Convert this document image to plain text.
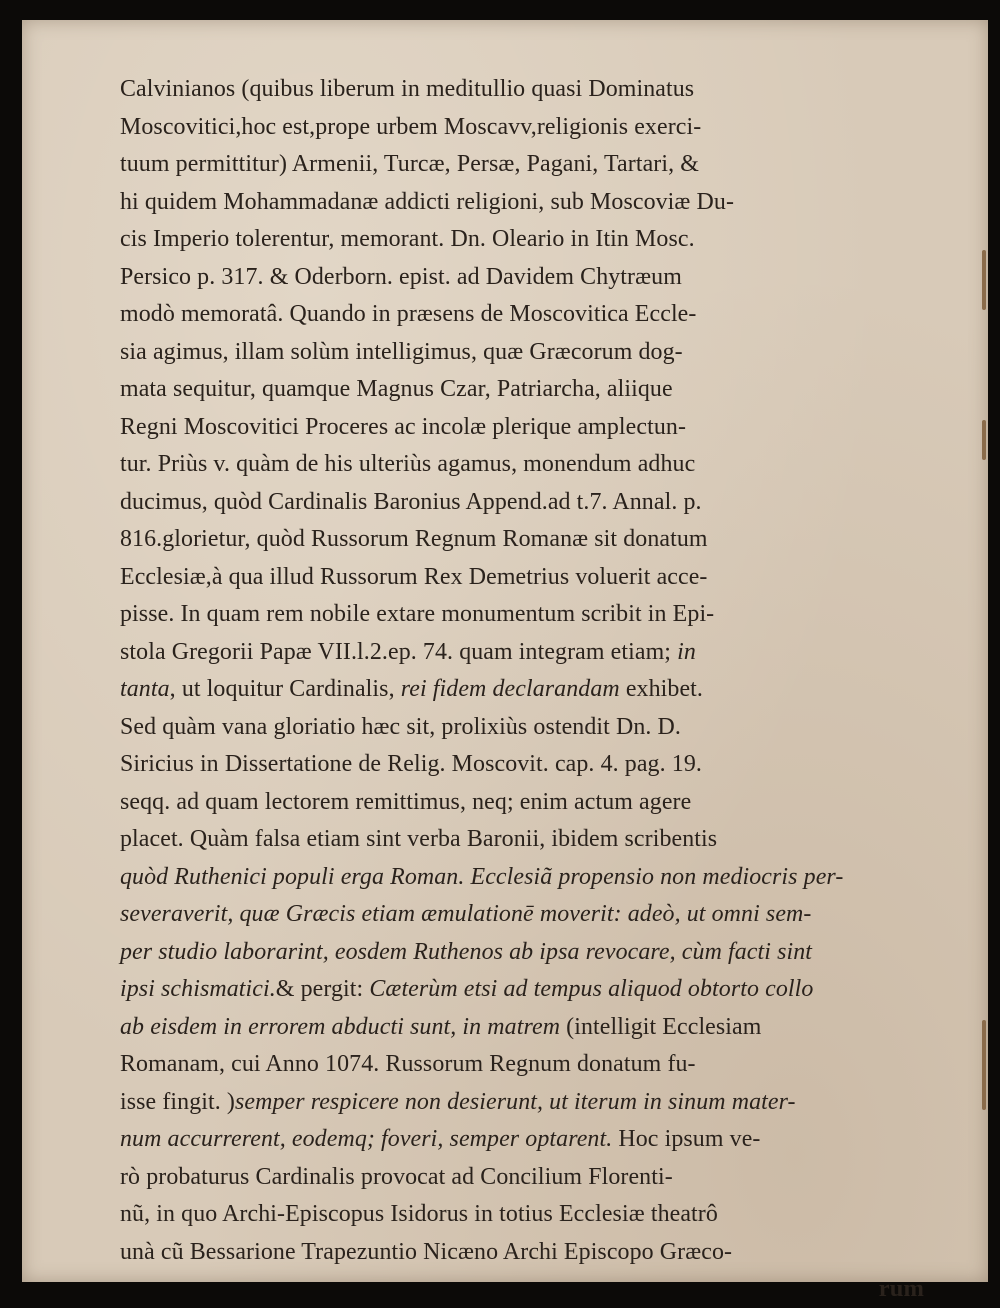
Calvinianos (quibus liberum in meditullio quasi Dominatus
Moscovitici,hoc est,prope urbem Moscavv,religionis exerci-
tuum permittitur) Armenii, Turcæ, Persæ, Pagani, Tartari, &
hi quidem Mohammadanæ addicti religioni, sub Moscoviæ Du-
cis Imperio tolerentur, memorant. Dn. Oleario in Itin Mosc.
Persico p. 317. & Oderborn. epist. ad Davidem Chytræum
modò memoratâ. Quando in præsens de Moscovitica Eccle-
sia agimus, illam solùm intelligimus, quæ Græcorum dog-
mata sequitur, quamque Magnus Czar, Patriarcha, aliique
Regni Moscovitici Proceres ac incolæ plerique amplectun-
tur. Priùs v. quàm de his ulteriùs agamus, monendum adhuc
ducimus, quòd Cardinalis Baronius Append.ad t.7. Annal. p.
816.glorietur, quòd Russorum Regnum Romanæ sit donatum
Ecclesiæ,à qua illud Russorum Rex Demetrius voluerit acce-
pisse. In quam rem nobile extare monumentum scribit in Epi-
stola Gregorii Papæ VII.l.2.ep. 74. quam integram etiam; in
tanta, ut loquitur Cardinalis, rei fidem declarandam exhibet.
Sed quàm vana gloriatio hæc sit, prolixiùs ostendit Dn. D.
Siricius in Dissertatione de Relig. Moscovit. cap. 4. pag. 19.
seqq. ad quam lectorem remittimus, neq; enim actum agere
placet. Quàm falsa etiam sint verba Baronii, ibidem scribentis
quòd Ruthenici populi erga Roman. Ecclesiã propensio non mediocris per-
severaverit, quæ Græcis etiam æmulationē moverit: adeò, ut omni sem-
per studio laborarint, eosdem Ruthenos ab ipsa revocare, cùm facti sint
ipsi schismatici.& pergit: Cæterùm etsi ad tempus aliquod obtorto collo
ab eisdem in errorem abducti sunt, in matrem (intelligit Ecclesiam
Romanam, cui Anno 1074. Russorum Regnum donatum fu-
isse fingit. )semper respicere non desierunt, ut iterum in sinum mater-
num accurrerent, eodemq; foveri, semper optarent. Hoc ipsum ve-
rò probaturus Cardinalis provocat ad Concilium Florenti-
nũ, in quo Archi-Episcopus Isidorus in totius Ecclesiæ theatrô
unà cũ Bessarione Trapezuntio Nicæno Archi Episcopo Græco-
rum
